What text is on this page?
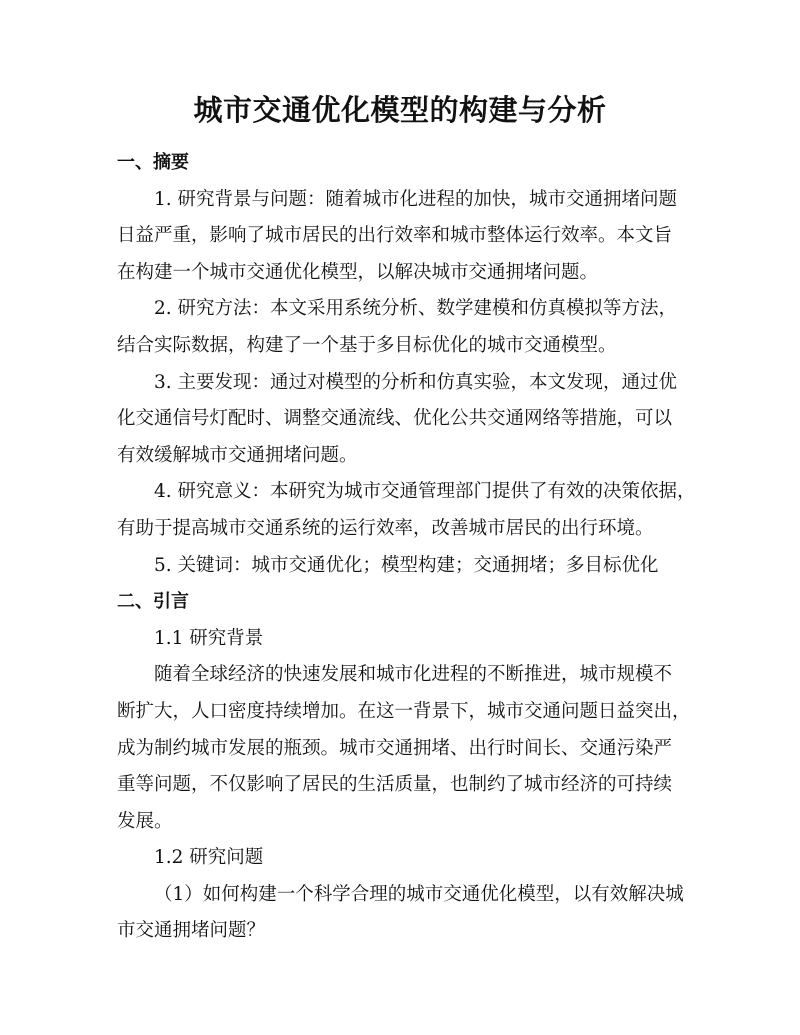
城市交通优化模型的构建与分析
一、摘要
1. 研究背景与问题：随着城市化进程的加快，城市交通拥堵问题
日益严重，影响了城市居民的出行效率和城市整体运行效率。本文旨
在构建一个城市交通优化模型，以解决城市交通拥堵问题。
2. 研究方法：本文采用系统分析、数学建模和仿真模拟等方法，
结合实际数据，构建了一个基于多目标优化的城市交通模型。
3. 主要发现：通过对模型的分析和仿真实验，本文发现，通过优
化交通信号灯配时、调整交通流线、优化公共交通网络等措施，可以
有效缓解城市交通拥堵问题。
4. 研究意义：本研究为城市交通管理部门提供了有效的决策依据，
有助于提高城市交通系统的运行效率，改善城市居民的出行环境。
5. 关键词：城市交通优化；模型构建；交通拥堵；多目标优化
二、引言
1.1 研究背景
随着全球经济的快速发展和城市化进程的不断推进，城市规模不
断扩大，人口密度持续增加。在这一背景下，城市交通问题日益突出，
成为制约城市发展的瓶颈。城市交通拥堵、出行时间长、交通污染严
重等问题，不仅影响了居民的生活质量，也制约了城市经济的可持续
发展。
1.2 研究问题
（1）如何构建一个科学合理的城市交通优化模型，以有效解决城
市交通拥堵问题？
